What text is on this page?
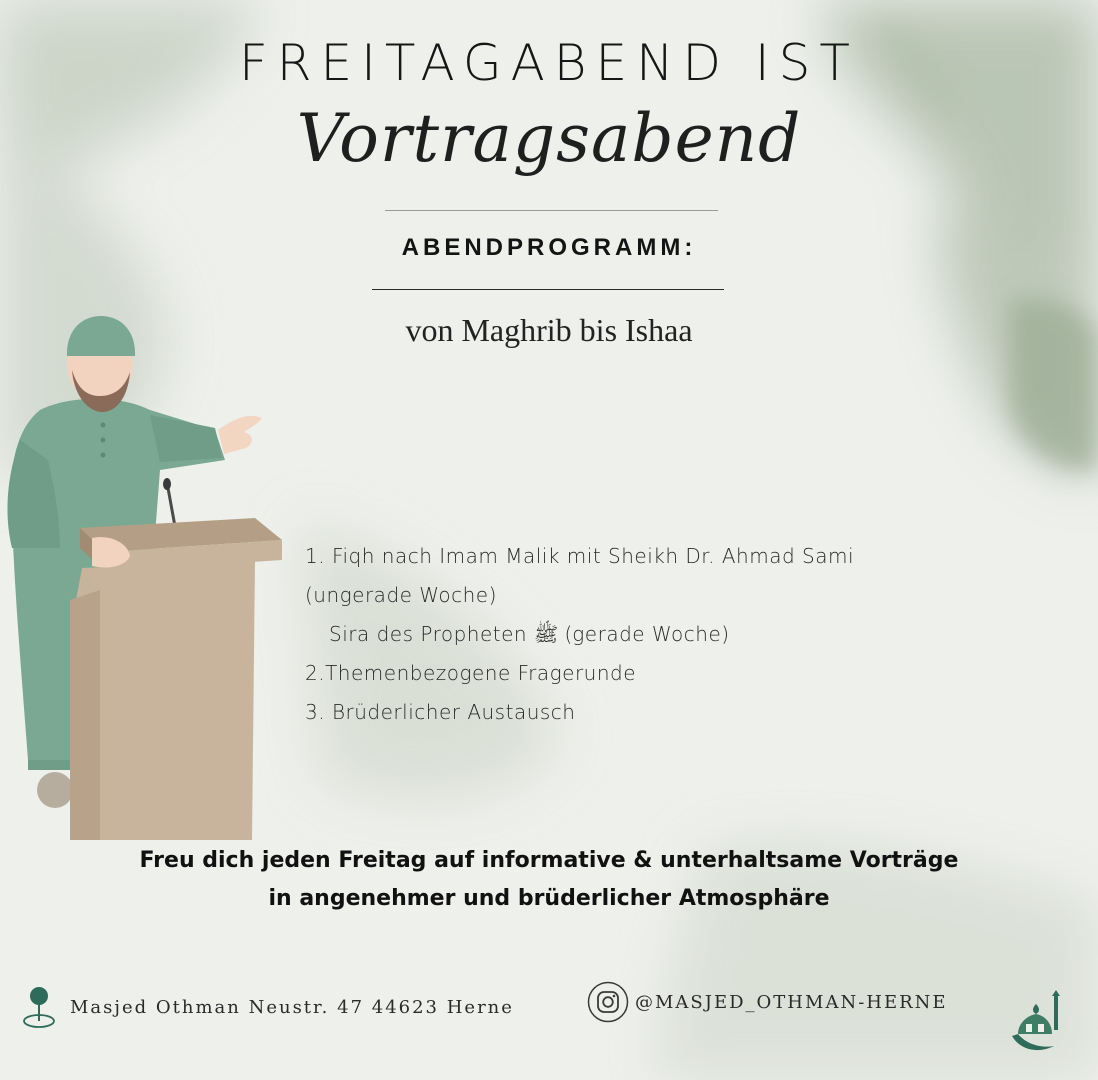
FREITAGABEND IST
Vortragsabend
ABENDPROGRAMM:
von Maghrib bis Ishaa
1. Fiqh nach Imam Malik mit Sheikh Dr. Ahmad Sami
(ungerade Woche)
Sira des Propheten ﷺ (gerade Woche)
2.Themenbezogene Fragerunde
3. Brüderlicher Austausch
Freu dich jeden Freitag auf informative & unterhaltsame Vorträge
in angenehmer und brüderlicher Atmosphäre
Masjed Othman Neustr. 47 44623 Herne	@MASJED_OTHMAN-HERNE
